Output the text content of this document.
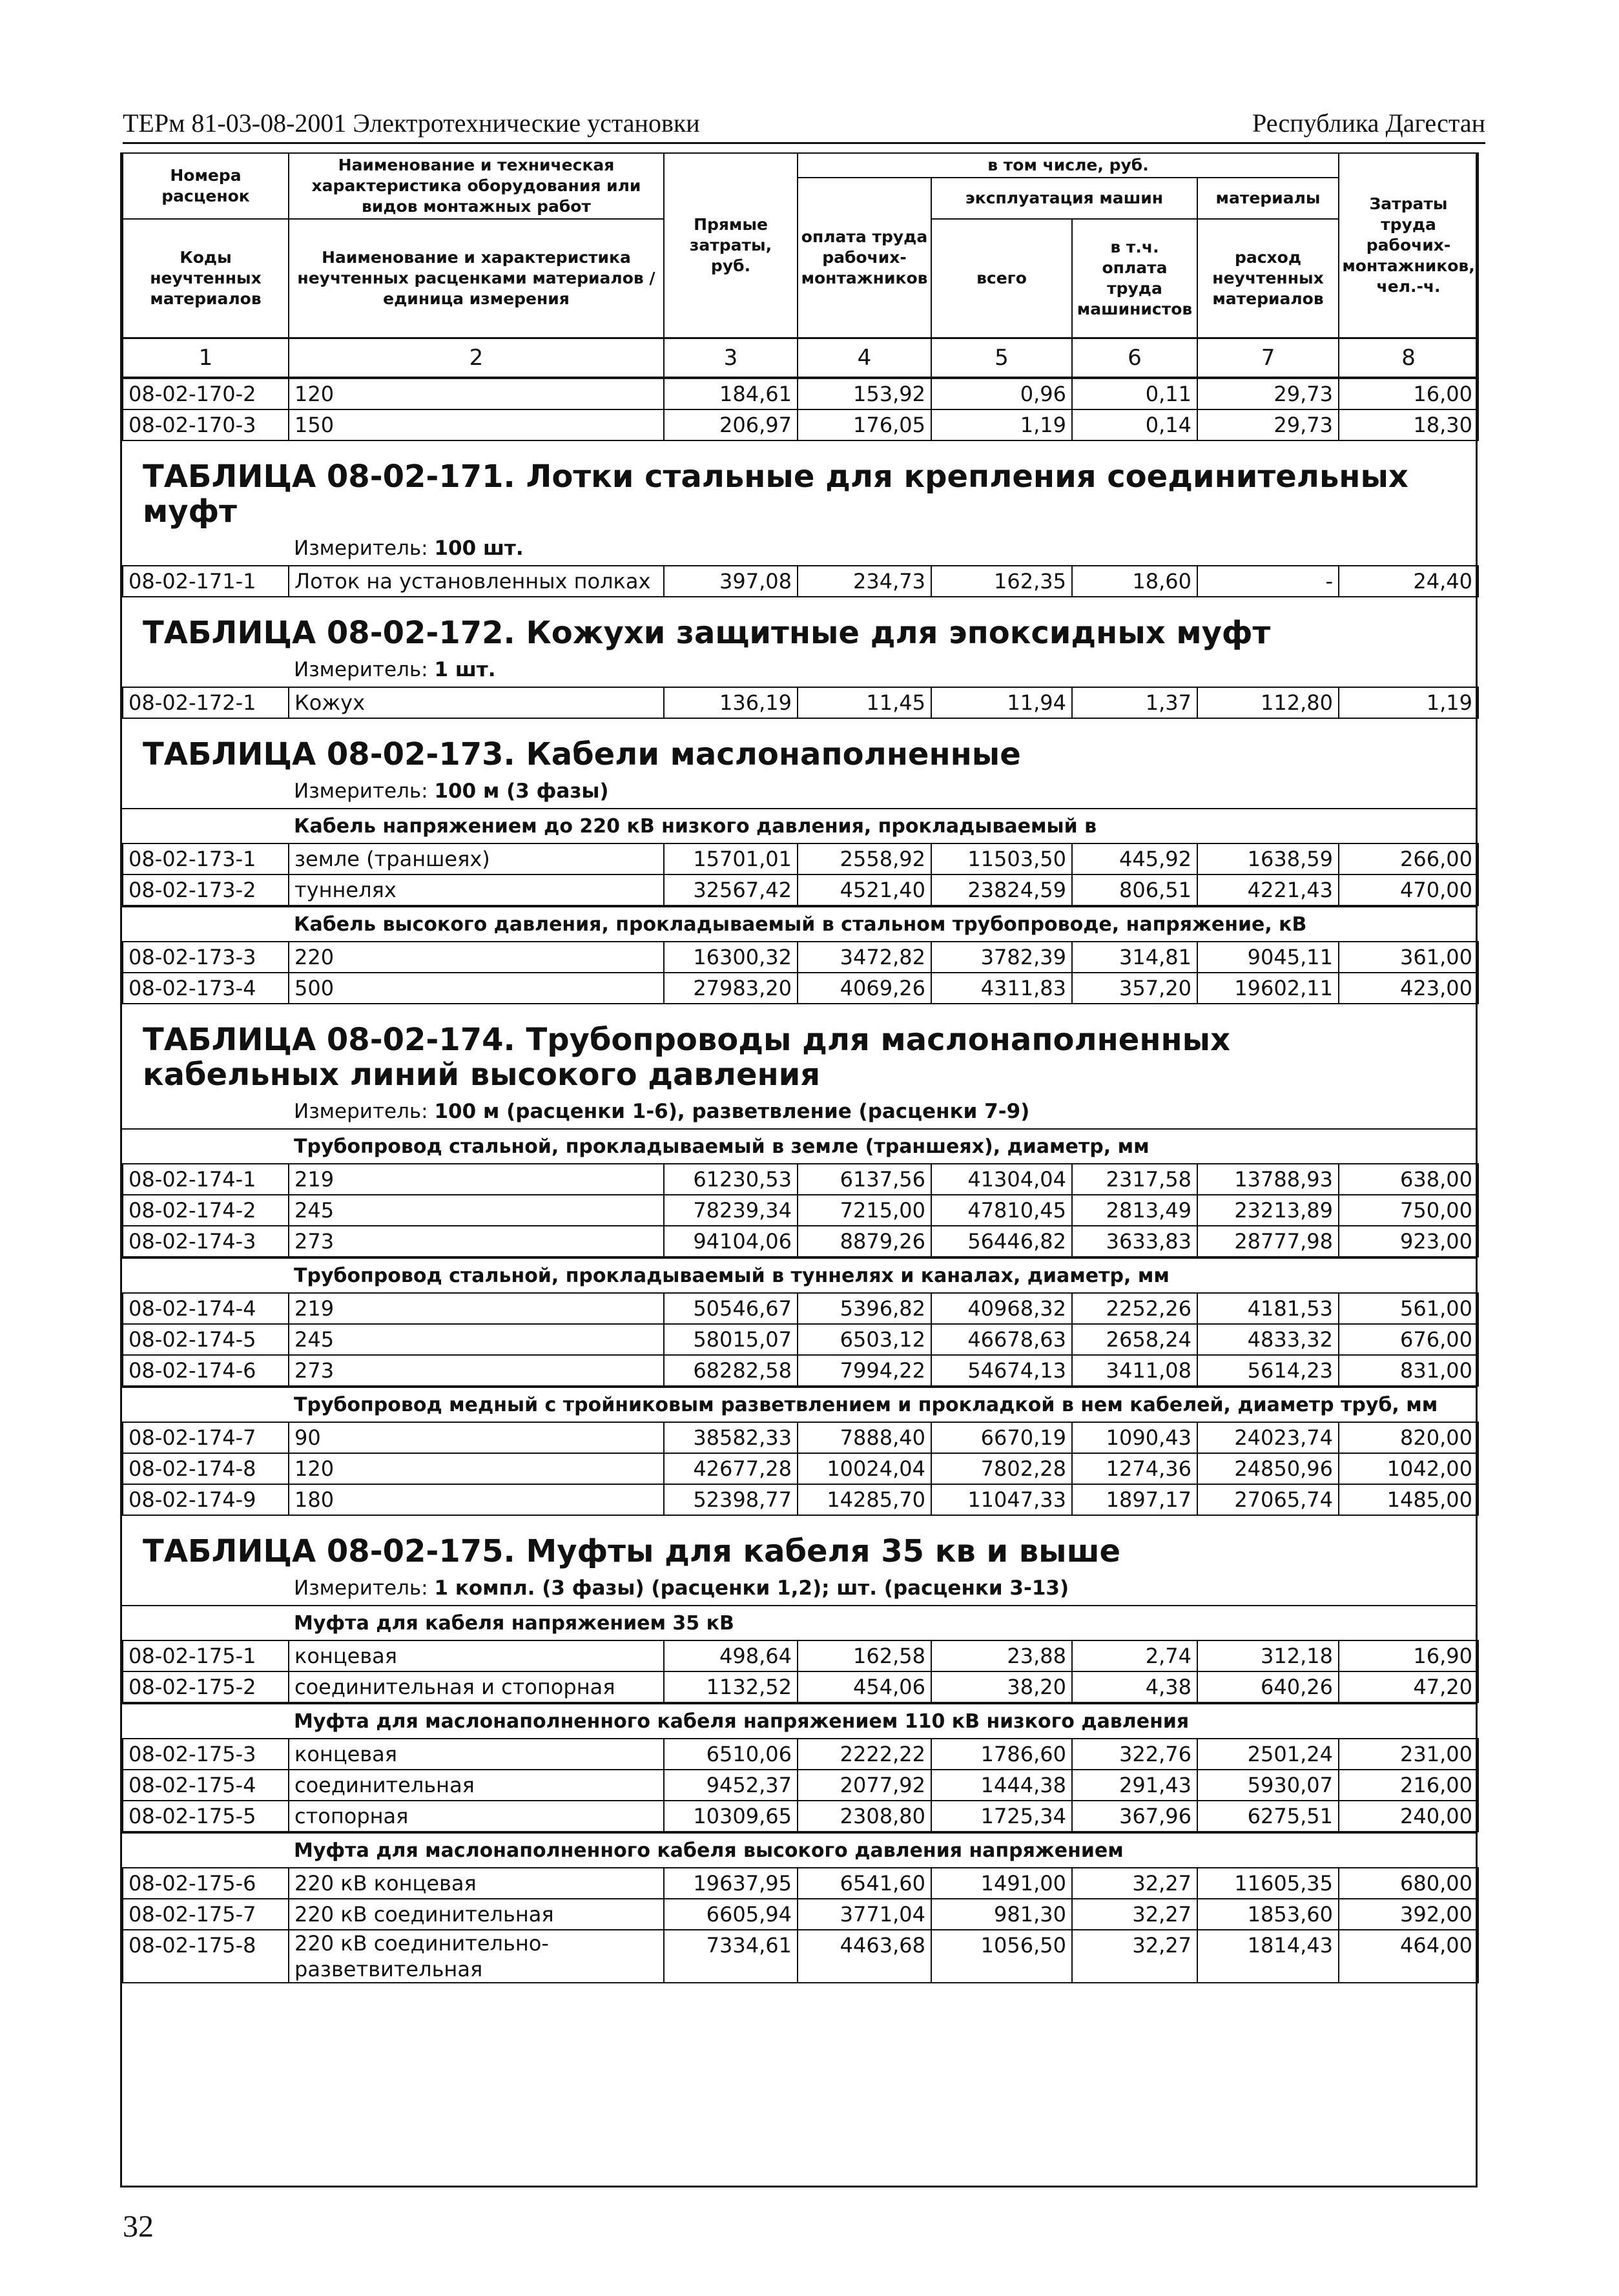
ТЕРм 81-03-08-2001 Электротехнические установки	Республика Дагестан
Номера расценок	Наименование и техническая характеристика оборудования или видов монтажных работ	Прямые затраты, руб.	в том числе, руб.				Затраты труда рабочих-монтажников, чел.-ч.
			оплата труда рабочих-монтажников	эксплуатация машин		материалы	
Коды неучтенных материалов	Наименование и характеристика неучтенных расценками материалов / единица измерения			всего	в т.ч. оплата труда машинистов	расход неучтенных материалов	

1	2	3	4	5	6	7	8
08-02-170-2	120	184,61	153,92	0,96	0,11	29,73	16,00
08-02-170-3	150	206,97	176,05	1,19	0,14	29,73	18,30
ТАБЛИЦА 08-02-171. Лотки стальные для крепления соединительных муфт
Измеритель: 100 шт.
08-02-171-1	Лоток на установленных полках	397,08	234,73	162,35	18,60	-	24,40
ТАБЛИЦА 08-02-172. Кожухи защитные для эпоксидных муфт
Измеритель: 1 шт.
08-02-172-1	Кожух	136,19	11,45	11,94	1,37	112,80	1,19
ТАБЛИЦА 08-02-173. Кабели маслонаполненные
Измеритель: 100 м (3 фазы)
Кабель напряжением до 220 кВ низкого давления, прокладываемый в
08-02-173-1	земле (траншеях)	15701,01	2558,92	11503,50	445,92	1638,59	266,00
08-02-173-2	туннелях	32567,42	4521,40	23824,59	806,51	4221,43	470,00
Кабель высокого давления, прокладываемый в стальном трубопроводе, напряжение, кВ
08-02-173-3	220	16300,32	3472,82	3782,39	314,81	9045,11	361,00
08-02-173-4	500	27983,20	4069,26	4311,83	357,20	19602,11	423,00
ТАБЛИЦА 08-02-174. Трубопроводы для маслонаполненных кабельных линий высокого давления
Измеритель: 100 м (расценки 1-6), разветвление (расценки 7-9)
Трубопровод стальной, прокладываемый в земле (траншеях), диаметр, мм
08-02-174-1	219	61230,53	6137,56	41304,04	2317,58	13788,93	638,00
08-02-174-2	245	78239,34	7215,00	47810,45	2813,49	23213,89	750,00
08-02-174-3	273	94104,06	8879,26	56446,82	3633,83	28777,98	923,00
Трубопровод стальной, прокладываемый в туннелях и каналах, диаметр, мм
08-02-174-4	219	50546,67	5396,82	40968,32	2252,26	4181,53	561,00
08-02-174-5	245	58015,07	6503,12	46678,63	2658,24	4833,32	676,00
08-02-174-6	273	68282,58	7994,22	54674,13	3411,08	5614,23	831,00
Трубопровод медный с тройниковым разветвлением и прокладкой в нем кабелей, диаметр труб, мм
08-02-174-7	90	38582,33	7888,40	6670,19	1090,43	24023,74	820,00
08-02-174-8	120	42677,28	10024,04	7802,28	1274,36	24850,96	1042,00
08-02-174-9	180	52398,77	14285,70	11047,33	1897,17	27065,74	1485,00
ТАБЛИЦА 08-02-175. Муфты для кабеля 35 кв и выше
Измеритель: 1 компл. (3 фазы) (расценки 1,2); шт. (расценки 3-13)
Муфта для кабеля напряжением 35 кВ
08-02-175-1	концевая	498,64	162,58	23,88	2,74	312,18	16,90
08-02-175-2	соединительная и стопорная	1132,52	454,06	38,20	4,38	640,26	47,20
Муфта для маслонаполненного кабеля напряжением 110 кВ низкого давления
08-02-175-3	концевая	6510,06	2222,22	1786,60	322,76	2501,24	231,00
08-02-175-4	соединительная	9452,37	2077,92	1444,38	291,43	5930,07	216,00
08-02-175-5	стопорная	10309,65	2308,80	1725,34	367,96	6275,51	240,00
Муфта для маслонаполненного кабеля высокого давления напряжением
08-02-175-6	220 кВ концевая	19637,95	6541,60	1491,00	32,27	11605,35	680,00
08-02-175-7	220 кВ соединительная	6605,94	3771,04	981,30	32,27	1853,60	392,00
08-02-175-8	220 кВ соединительно-разветвительная	7334,61	4463,68	1056,50	32,27	1814,43	464,00
32
